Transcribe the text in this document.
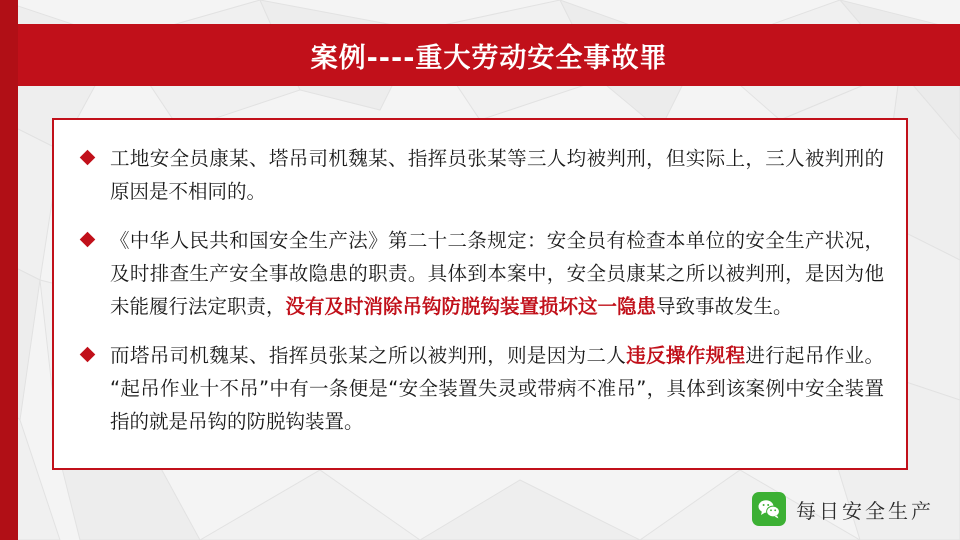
案例----重大劳动安全事故罪
工地安全员康某、塔吊司机魏某、指挥员张某等三人均被判刑，但实际上，三人被判刑的原因是不相同的。
《中华人民共和国安全生产法》第二十二条规定：安全员有检查本单位的安全生产状况，及时排查生产安全事故隐患的职责。具体到本案中，安全员康某之所以被判刑，是因为他未能履行法定职责，没有及时消除吊钩防脱钩装置损坏这一隐患导致事故发生。
而塔吊司机魏某、指挥员张某之所以被判刑，则是因为二人违反操作规程进行起吊作业。 “起吊作业十不吊”中有一条便是“安全装置失灵或带病不准吊”，具体到该案例中安全装置指的就是吊钩的防脱钩装置。
每日安全生产
